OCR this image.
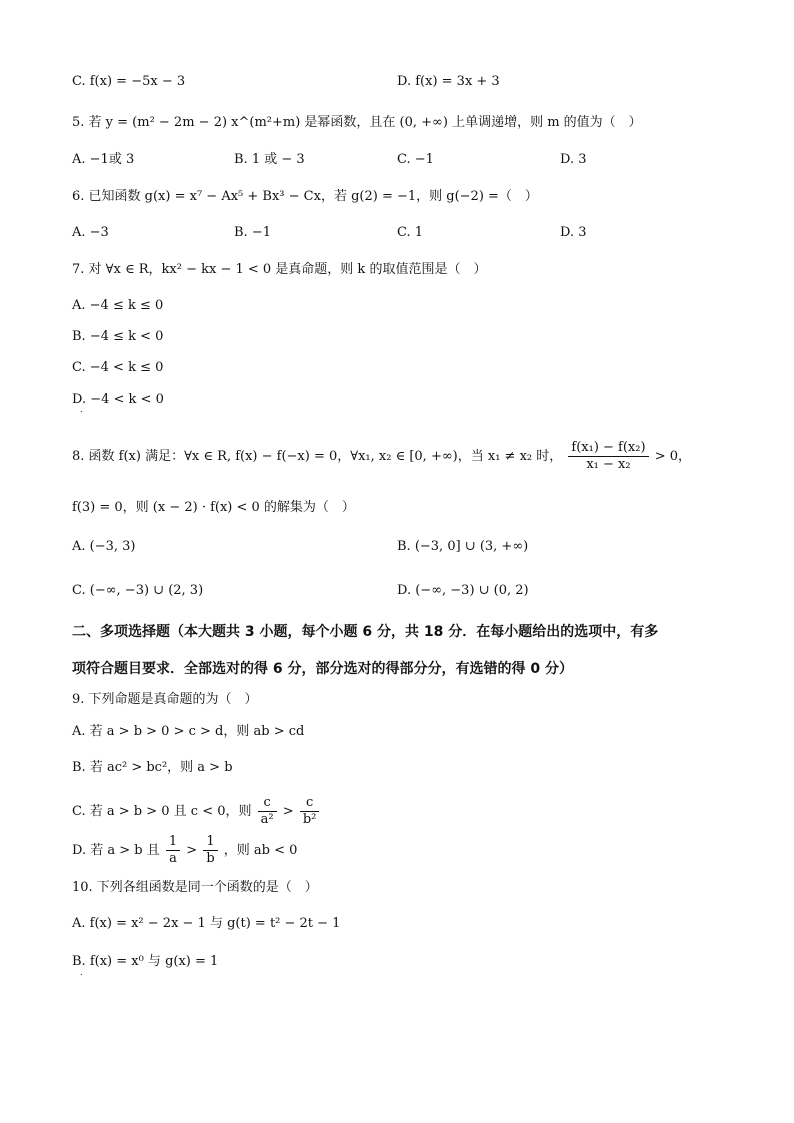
C. f(x) = −5x − 3	D. f(x) = 3x + 3
5. 若 y = (m² − 2m − 2) x^(m²+m) 是幂函数，且在 (0, +∞) 上单调递增，则 m 的值为（　）
A. −1或 3	B. 1 或 − 3	C. −1	D. 3
6. 已知函数 g(x) = x⁷ − Ax⁵ + Bx³ − Cx，若 g(2) = −1，则 g(−2) =（　）
A. −3	B. −1	C. 1	D. 3
7. 对 ∀x ∈ R，kx² − kx − 1 < 0 是真命题，则 k 的取值范围是（　）
A. −4 ≤ k ≤ 0
B. −4 ≤ k < 0
C. −4 < k ≤ 0
D. −4 < k < 0
.
8. 函数 f(x) 满足：∀x ∈ R, f(x) − f(−x) = 0，∀x₁, x₂ ∈ [0, +∞)，当 x₁ ≠ x₂ 时， $\frac{\text{f(x₁) − f(x₂)}}{\text{x₁ − x₂}} > 0$，
f(3) = 0，则 (x − 2) · f(x) < 0 的解集为（　）
A. (−3, 3)	B. (−3, 0] ∪ (3, +∞)
C. (−∞, −3) ∪ (2, 3)	D. (−∞, −3) ∪ (0, 2)
二、多项选择题（本大题共 3 小题，每个小题 6 分，共 18 分．在每小题给出的选项中，有多
项符合题目要求．全部选对的得 6 分，部分选对的得部分分，有选错的得 0 分）
9. 下列命题是真命题的为（　）
A. 若 a > b > 0 > c > d，则 ab > cd
B. 若 ac² > bc²，则 a > b
C. 若 a > b > 0 且 c < 0，则 $\frac{c}{\text{a²}} > \frac{c}{\text{b²}}$
D. 若 a > b 且 $\frac{1}{a} > \frac{1}{b}$ ，则 ab < 0
10. 下列各组函数是同一个函数的是（　）
A. f(x) = x² − 2x − 1 与 g(t) = t² − 2t − 1
B. f(x) = x⁰ 与 g(x) = 1
.
